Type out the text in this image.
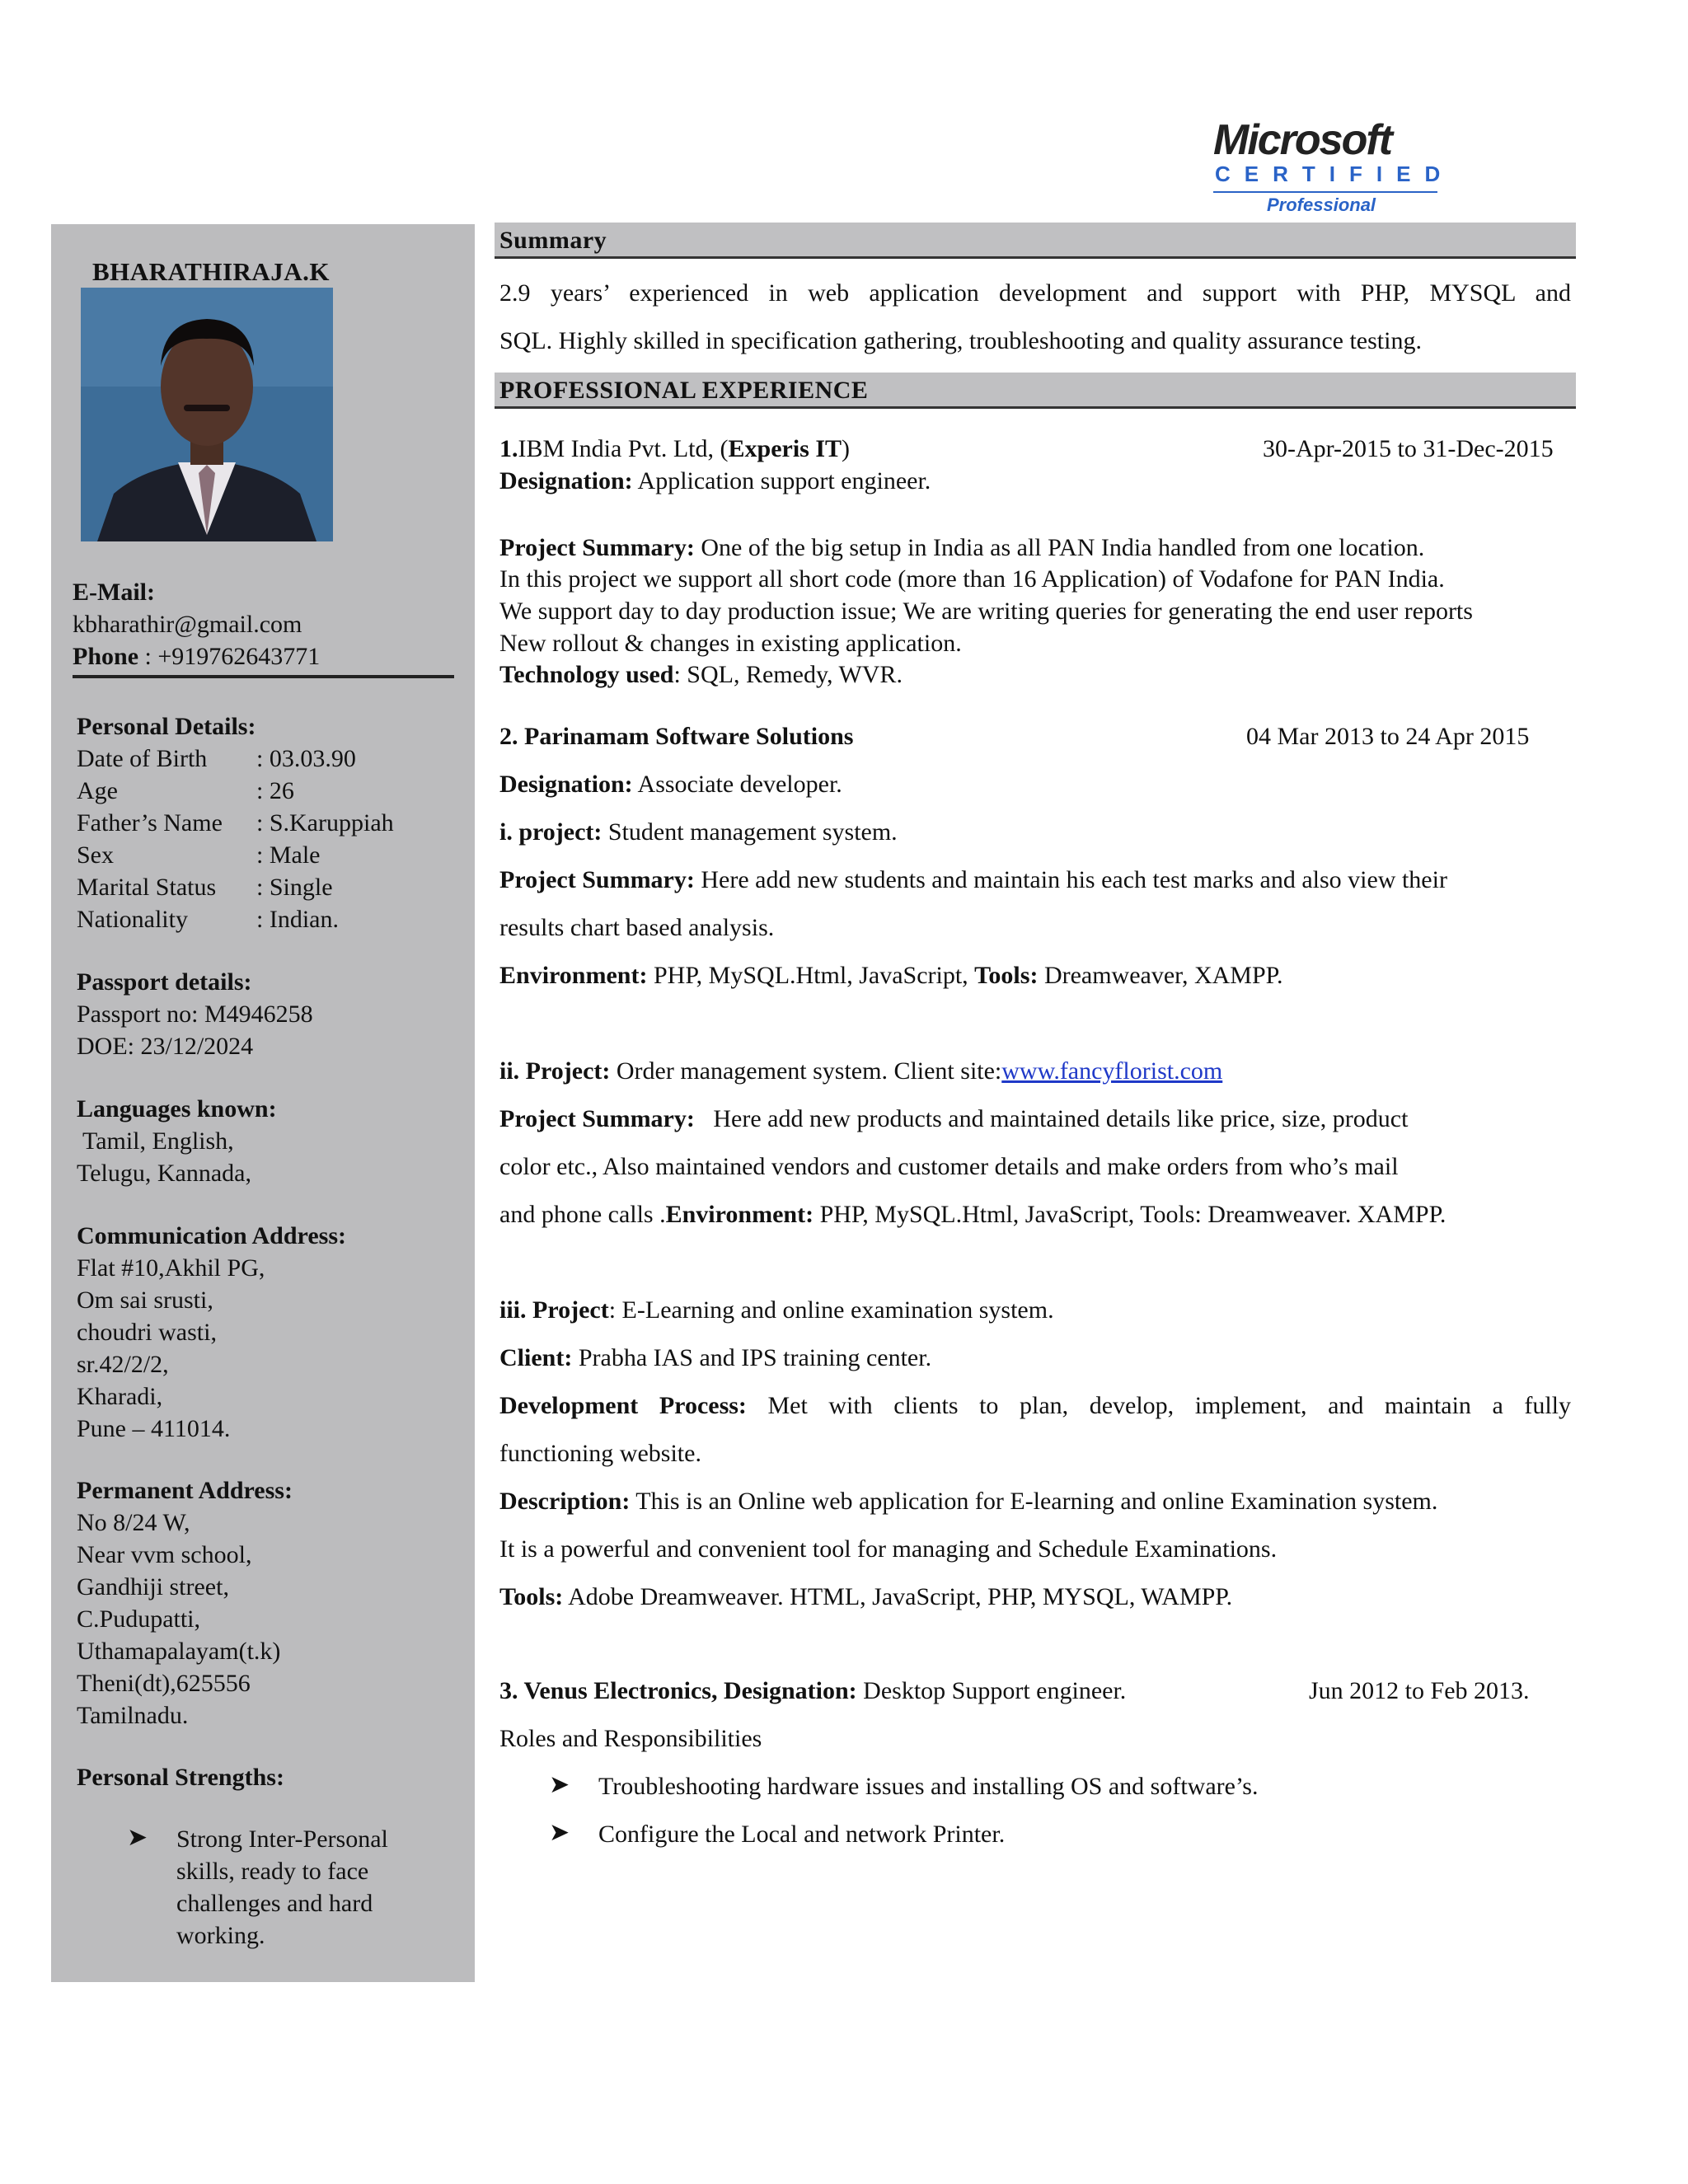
Microsoft
CERTIFIED
Professional
BHARATHIRAJA.K
E-Mail:
kbharathir@gmail.com
Phone : +919762643771
Personal Details:
Date of Birth : 03.03.90
Age	: 26
Father’s Name : S.Karuppiah
Sex	: Male
Marital Status : Single
Nationality	: Indian.
Passport details:
Passport no: M4946258
DOE: 23/12/2024
Languages known:
Tamil, English,
Telugu, Kannada,
Communication Address:
Flat #10,Akhil PG,
Om sai srusti,
choudri wasti,
sr.42/2/2,
Kharadi,
Pune – 411014.
Permanent Address:
No 8/24 W,
Near vvm school,
Gandhiji street,
C.Pudupatti,
Uthamapalayam(t.k)
Theni(dt),625556
Tamilnadu.
Personal Strengths:
➤ Strong Inter-Personal
skills, ready to face
challenges and hard
working.
Summary
2.9 years’ experienced in web application development and support with PHP, MYSQL and
SQL. Highly skilled in specification gathering, troubleshooting and quality assurance testing.
PROFESSIONAL EXPERIENCE
1.IBM India Pvt. Ltd, (Experis IT)	30-Apr-2015 to 31-Dec-2015
Designation: Application support engineer.
Project Summary: One of the big setup in India as all PAN India handled from one location.
In this project we support all short code (more than 16 Application) of Vodafone for PAN India.
We support day to day production issue; We are writing queries for generating the end user reports
New rollout & changes in existing application.
Technology used: SQL, Remedy, WVR.
2. Parinamam Software Solutions	04 Mar 2013 to 24 Apr 2015
Designation: Associate developer.
i. project: Student management system.
Project Summary: Here add new students and maintain his each test marks and also view their
results chart based analysis.
Environment: PHP, MySQL.Html, JavaScript, Tools: Dreamweaver, XAMPP.
ii. Project: Order management system. Client site:www.fancyflorist.com
Project Summary:   Here add new products and maintained details like price, size, product
color etc., Also maintained vendors and customer details and make orders from who’s mail
and phone calls .Environment: PHP, MySQL.Html, JavaScript, Tools: Dreamweaver. XAMPP.
iii. Project: E-Learning and online examination system.
Client: Prabha IAS and IPS training center.
Development Process: Met with clients to plan, develop, implement, and maintain a fully
functioning website.
Description: This is an Online web application for E-learning and online Examination system.
It is a powerful and convenient tool for managing and Schedule Examinations.
Tools: Adobe Dreamweaver. HTML, JavaScript, PHP, MYSQL, WAMPP.
3. Venus Electronics, Designation: Desktop Support engineer.	Jun 2012 to Feb 2013.
Roles and Responsibilities
➤ Troubleshooting hardware issues and installing OS and software’s.
➤ Configure the Local and network Printer.
